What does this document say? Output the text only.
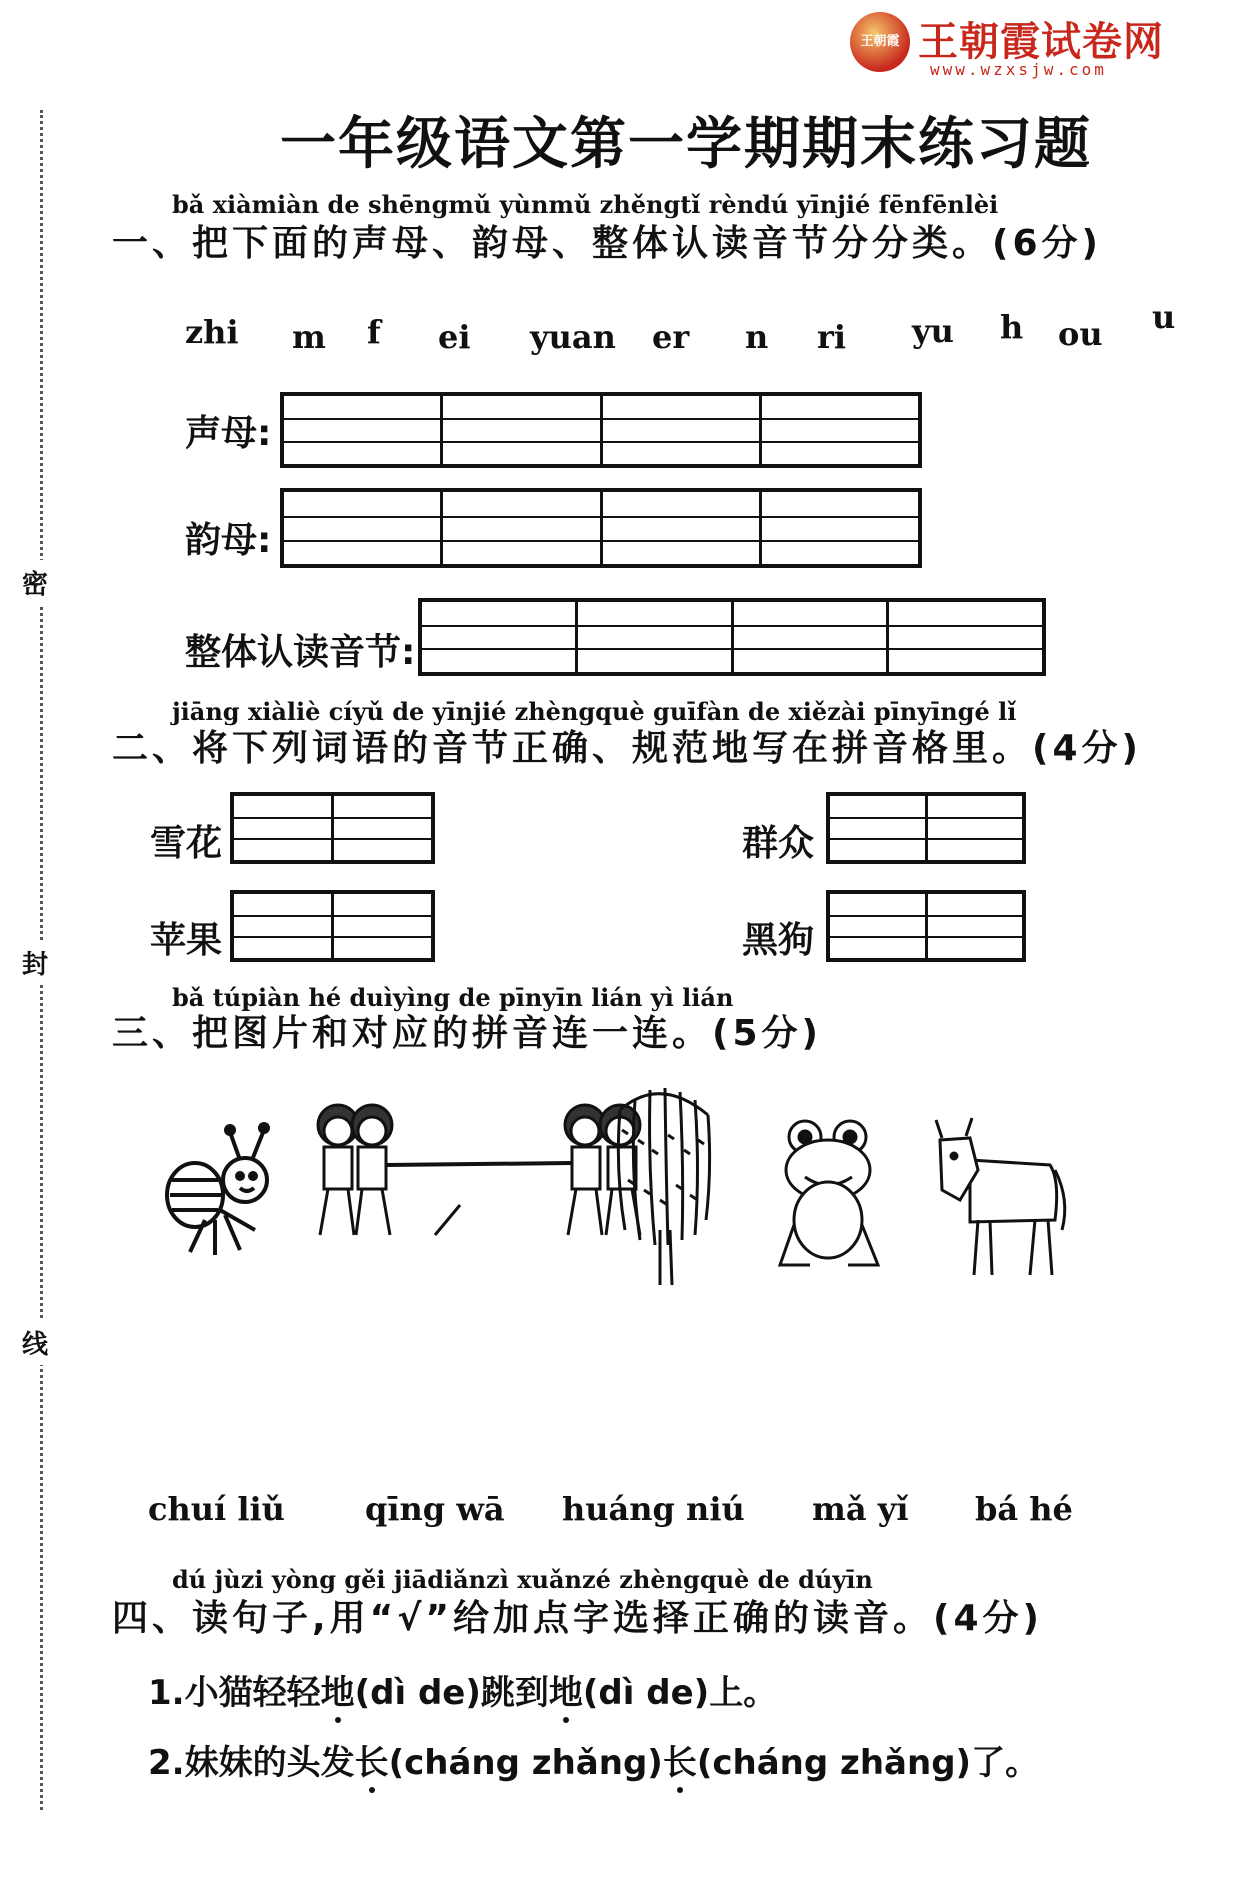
密
封
线
王朝霞 王朝霞试卷网
www.wzxsjw.com
一年级语文第一学期期末练习题
bǎ xiàmiàn de shēngmǔ yùnmǔ zhěngtǐ rèndú yīnjié fēnfēnlèi
一、把下面的声母、韵母、整体认读音节分分类。(6分)
zhi m f ei yuan er n ri yu h ou u
声母:
韵母:
整体认读音节:
jiāng xiàliè cíyǔ de yīnjié zhèngquè guīfàn de xiězài pīnyīngé lǐ
二、将下列词语的音节正确、规范地写在拼音格里。(4分)
雪花	群众
苹果	黑狗
bǎ túpiàn hé duìyìng de pīnyīn lián yì lián
三、把图片和对应的拼音连一连。(5分)
chuí liǔ	qīng wā huáng niú mǎ yǐ bá hé
dú jùzi yòng gěi jiādiǎnzì xuǎnzé zhèngquè de dúyīn
四、读句子,用“√”给加点字选择正确的读音。(4分)
1.小猫轻轻地(dì de)跳到地(dì de)上。
2.妹妹的头发长(cháng zhǎng)长(cháng zhǎng)了。
